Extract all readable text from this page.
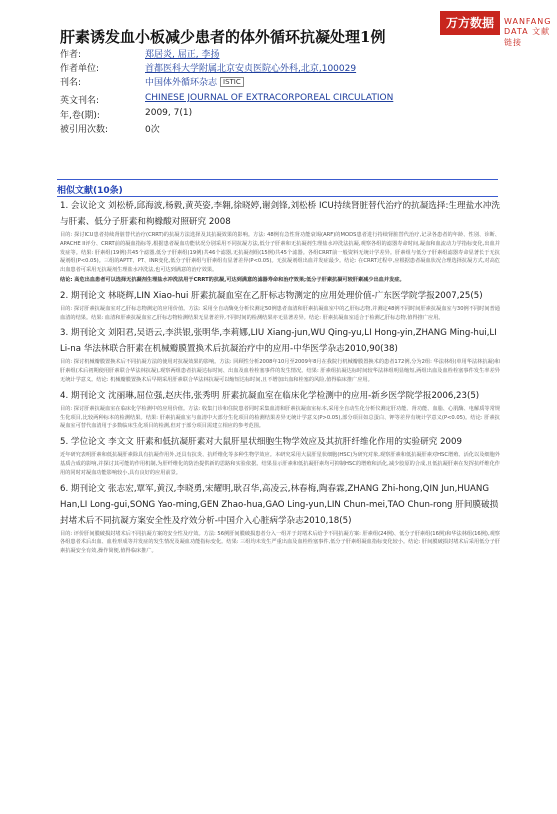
万方数据	WANFANG DATA 文献链接
肝素诱发血小板减少患者的体外循环抗凝处理1例
作者:	郑居炎, 屈正, 李扬
作者单位:	首都医科大学附属北京安贞医院心外科,北京,100029
刊名:	中国体外循环杂志 ISTIC
英文刊名:	CHINESE JOURNAL OF EXTRACORPOREAL CIRCULATION
年,卷(期):	2009, 7(1)
被引用次数:	0次
相似文献(10条)
1. 会议论文 刘松桥,邱海波,杨毅,黄英姿,李翱,徐晓婷,谢剑锋,刘松桥 ICU持续肾脏替代治疗的抗凝选择:生理盐水冲洗与肝素、低分子肝素和枸橼酸对照研究 2008
目的: 探讨ICU患者持续肾脏替代治疗(CRRT)的抗凝方法选择及其抗凝效果的影响。方法: 48例有急性肾功能衰竭(ARF)的MODS患者进行持续肾脏替代治疗,记录各患者的年龄、性别、诊断、APACHE II评分、CRRT前的凝血指标等,根据患者凝血功能状况分别采用不同抗凝方法,低分子肝素和无抗凝剂生理盐水冲洗法抗凝,观察各组的滤器寿命时间,凝血和血流动力学指标变化,出血并发症等。结果: 肝素组(19例)共45个滤器,低分子肝素组(19例)共46个滤器,无抗凝剂组(15例)共45个滤器。各组CRRT前一般资料无统计学差异。肝素组与低分子肝素组滤器寿命显著长于无抗凝剂组(P<0.05)。三组的APTT、PT、INR变化,低分子肝素组与肝素组有显著差异(P<0.05)。无抗凝剂组出血并发症最少。结论: 在CRRT过程中,应根据患者凝血状况合理选择抗凝方式,对高危出血患者可采用无抗凝剂生理盐水冲洗法,也可达到满意的治疗效果。
结论: 高危出血患者可以选择无抗凝剂生理盐水冲洗法用于CRRT的抗凝,可达到满意的滤器寿命和治疗效果;低分子肝素抗凝可较肝素减少出血并发症。
2. 期刊论文 林晓辉,LIN Xiao-hui 肝素抗凝血室在乙肝标志物测定的应用处理价值-广东医学院学报2007,25(5)
目的: 探讨肝素抗凝血室对乙肝标志物测定的应用价值。方法: 采用全自动酶免分析仪测定50例患者血清和肝素抗凝血室中的乙肝标志物,并测定48例不同时间肝素抗凝血室与30例不同时间普通血清的结果。结果: 血清和肝素抗凝血室乙肝标志物检测结果无显著差异,不同时间的检测结果亦无显著差异。结论: 肝素抗凝血室适合于检测乙肝标志物,值得推广应用。
3. 期刊论文 刘阳君,吴语云,李洪银,张明华,李莉娜,LIU Xiang-jun,WU Qing-yu,LI Hong-yin,ZHANG Ming-hui,LI Li-na 华法林联合肝素在机械瓣膜置换术后抗凝治疗中的应用-中华医学杂志2010,90(38)
目的: 探讨机械瓣膜置换术后不同抗凝方法的使用对抗凝效果的影响。方法: 回顾性分析2008年10月至2009年8月在我院行机械瓣膜置换术的患者172例,分为2组: 华法林组(单用华法林抗凝)和肝素组(术后初期使用肝素联合华法林抗凝),观察两组患者抗凝达标时间、出血及血栓栓塞事件的发生情况。结果: 肝素组抗凝达标时间较华法林组明显缩短,两组出血及血栓栓塞事件发生率差异无统计学意义。结论: 机械瓣膜置换术后早期采用肝素联合华法林抗凝可以缩短达标时间,且不增加出血和栓塞的风险,值得临床推广应用。
4. 期刊论文 沈丽琳,屈位强,赵庆伟,张秀明 肝素抗凝血室在临床化学检测中的应用-新乡医学院学报2006,23(5)
目的: 探讨肝素抗凝血室在临床化学检测中的应用价值。方法: 收集门诊和住院患者同时采集血清和肝素抗凝血室标本,采用全自动生化分析仪测定肝功能、肾功能、血脂、心肌酶、电解质等常规生化项目,比较两种标本的检测结果。结果: 肝素抗凝血室与血清中大部分生化项目的检测结果差异无统计学意义(P>0.05),部分项目如总蛋白、钾等差异有统计学意义(P<0.05)。结论: 肝素抗凝血室可替代血清用于多数临床生化项目的检测,但对于部分项目需建立相应的参考范围。
5. 学位论文 李文文 肝素和低抗凝肝素对大鼠肝星状细胞生物学效应及其抗肝纤维化作用的实验研究 2009
近年研究表明肝素和低抗凝肝素除具有抗凝作用外,还具有抗炎、抗纤维化等多种生物学效应。本研究采用大鼠肝星状细胞(HSC)为研究对象,观察肝素和低抗凝肝素对HSC增殖、活化以及细胞外基质合成的影响,并探讨其可能的作用机制,为肝纤维化的防治提供新的思路和实验依据。结果显示肝素和低抗凝肝素均可抑制HSC的增殖和活化,减少胶原的合成,且低抗凝肝素在发挥抗纤维化作用的同时对凝血功能影响较小,具有良好的应用前景。
6. 期刊论文 张志宏,覃军,黄汉,李晓勇,宋耀明,耿召华,高凌云,林春梅,陶春霖,ZHANG Zhi-hong,QIN Jun,HUANG Han,LI Long-gui,SONG Yao-ming,GEN Zhao-hua,GAO Ling-yun,LIN Chun-mei,TAO Chun-rong 肝间膜破损封堵术后不同抗凝方案安全性及疗效分析-中国介入心脏病学杂志2010,18(5)
目的: 评价肝间膜破损封堵术后不同抗凝方案的安全性及疗效。方法: 56例肝间膜破损患者分入一组并于封堵术后给予不同抗凝方案: 肝素组(24例)、低分子肝素组(16例)和华法林组(16例),观察各组患者术后出血、血栓形成等并发症的发生情况及凝血功能指标变化。结果: 三组均未发生严重出血及血栓栓塞事件,低分子肝素组凝血指标变化较小。结论: 肝间膜破损封堵术后采用低分子肝素抗凝安全有效,操作简便,值得临床推广。
